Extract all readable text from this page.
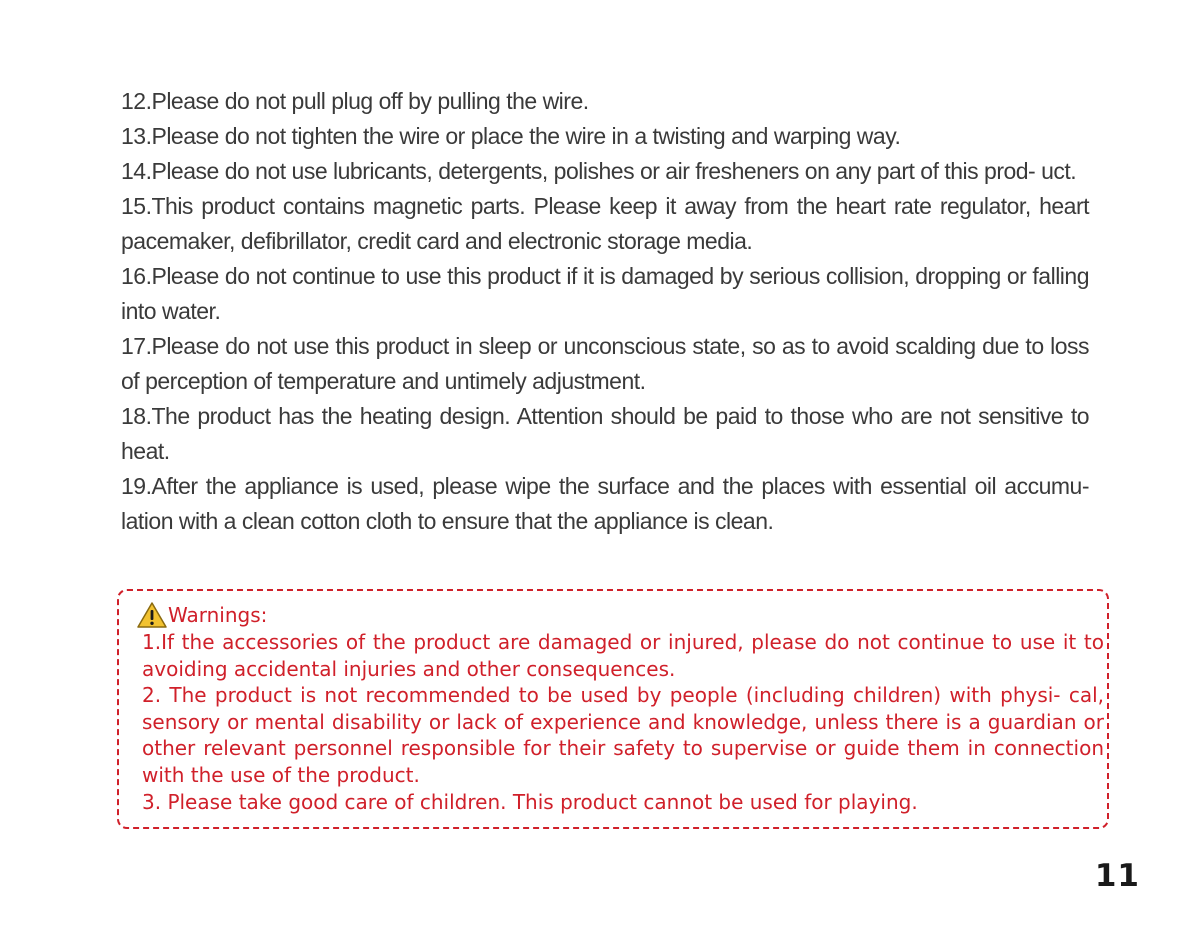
12.Please do not pull plug off by pulling the wire.

13.Please do not tighten the wire or place the wire in a twisting and warping way.

14.Please do not use lubricants, detergents, polishes or air fresheners on any part of this prod- uct.

15.This product contains magnetic parts. Please keep it away from the heart rate regulator, heart pacemaker, defibrillator, credit card and electronic storage media.

16.Please do not continue to use this product if it is damaged by serious collision, dropping or falling into water.

17.Please do not use this product in sleep or unconscious state, so as to avoid scalding due to loss of perception of temperature and untimely adjustment.

18.The product has the heating design. Attention should be paid to those who are not sensitive to heat.

19.After the appliance is used, please wipe the surface and the places with essential oil accumu- lation with a clean cotton cloth to ensure that the appliance is clean.

Warnings:

1.If the accessories of the product are damaged or injured, please do not continue to use it to avoiding accidental injuries and other consequences.

2. The product is not recommended to be used by people (including children) with physi- cal, sensory or mental disability or lack of experience and knowledge, unless there is a guardian or other relevant personnel responsible for their safety to supervise or guide them in connection with the use of the product.

3. Please take good care of children. This product cannot be used for playing.

11
